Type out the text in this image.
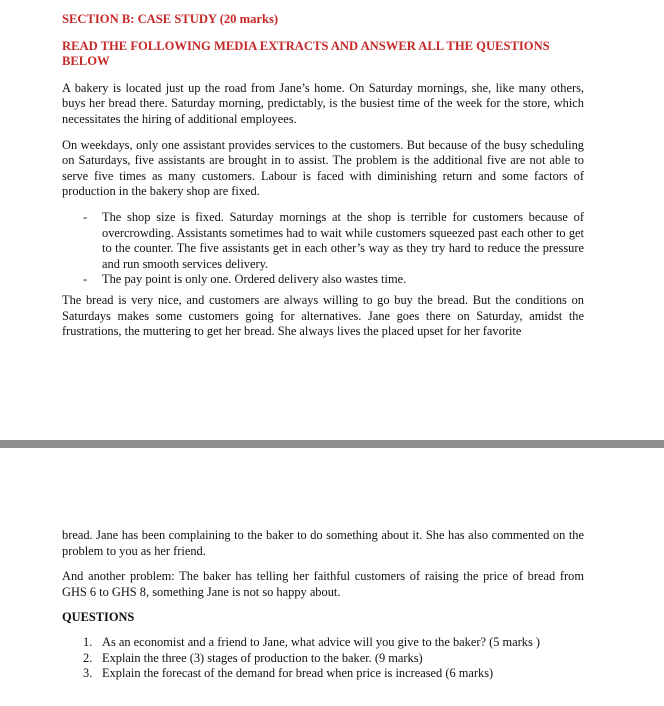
SECTION B: CASE STUDY (20 marks)
READ THE FOLLOWING MEDIA EXTRACTS AND ANSWER ALL THE QUESTIONS BELOW

A bakery is located just up the road from Jane’s home. On Saturday mornings, she, like many others, buys her bread there. Saturday morning, predictably, is the busiest time of the week for the store, which necessitates the hiring of additional employees.

On weekdays, only one assistant provides services to the customers. But because of the busy scheduling on Saturdays, five assistants are brought in to assist. The problem is the additional five are not able to serve five times as many customers. Labour is faced with diminishing return and some factors of production in the bakery shop are fixed.

- The shop size is fixed. Saturday mornings at the shop is terrible for customers because of overcrowding. Assistants sometimes had to wait while customers squeezed past each other to get to the counter. The five assistants get in each other’s way as they try hard to reduce the pressure and run smooth services delivery.
- The pay point is only one. Ordered delivery also wastes time.

The bread is very nice, and customers are always willing to go buy the bread. But the conditions on Saturdays makes some customers going for alternatives. Jane goes there on Saturday, amidst the frustrations, the muttering to get her bread. She always lives the placed upset for her favorite

bread. Jane has been complaining to the baker to do something about it. She has also commented on the problem to you as her friend.

And another problem: The baker has telling her faithful customers of raising the price of bread from GHS 6 to GHS 8, something Jane is not so happy about.

QUESTIONS
1. As an economist and a friend to Jane, what advice will you give to the baker? (5 marks )
2. Explain the three (3) stages of production to the baker. (9 marks)
3. Explain the forecast of the demand for bread when price is increased (6 marks)
